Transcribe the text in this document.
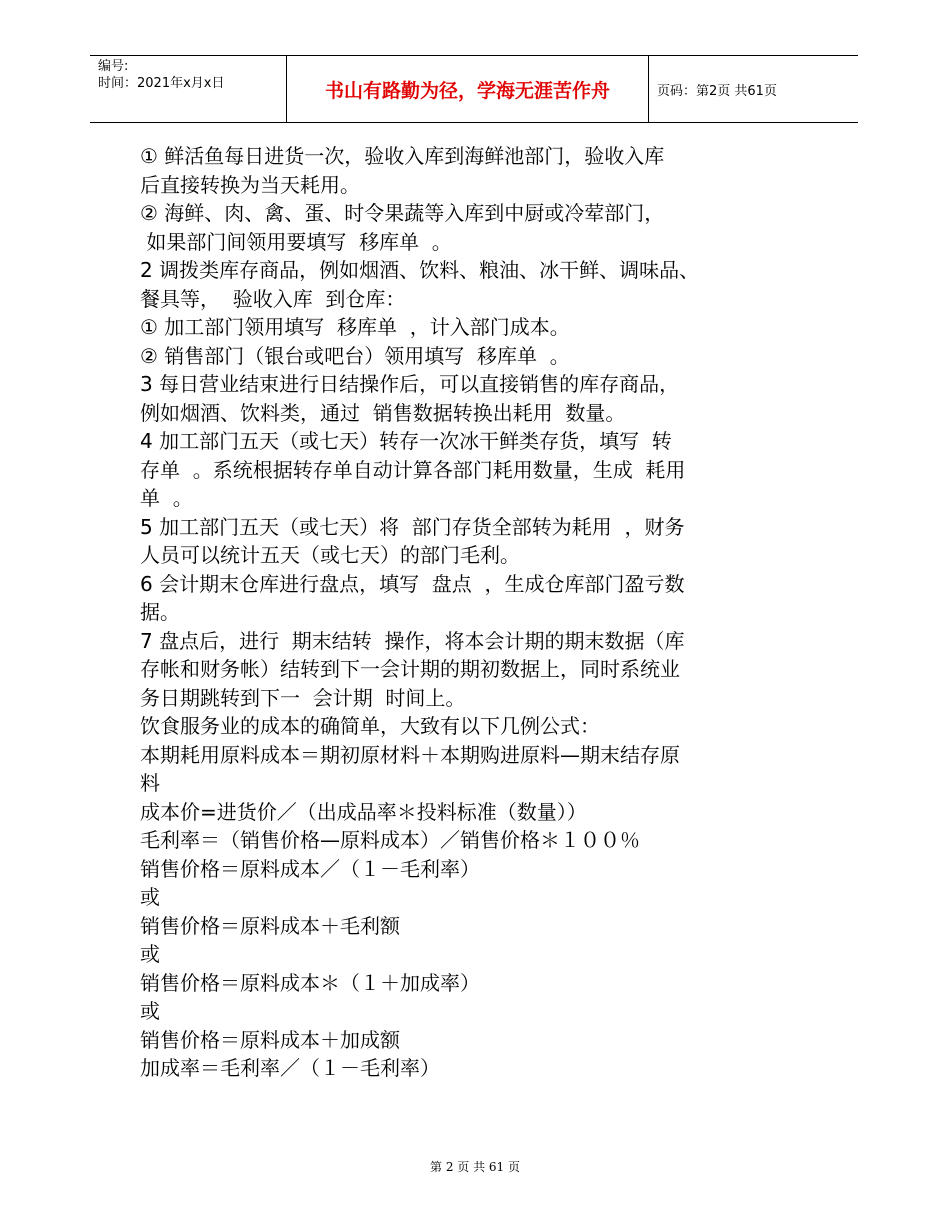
编号:
时间：2021年x月x日	书山有路勤为径，学海无涯苦作舟	页码：第2页 共61页
① 鲜活鱼每日进货一次，验收入库到海鲜池部门，验收入库
后直接转换为当天耗用。
② 海鲜、肉、禽、蛋、时令果蔬等入库到中厨或冷荤部门，
如果部门间领用要填写  移库单  。
2 调拨类库存商品，例如烟酒、饮料、粮油、冰干鲜、调味品、
餐具等，  验收入库  到仓库：
① 加工部门领用填写  移库单  ，计入部门成本。
② 销售部门（银台或吧台）领用填写  移库单  。
3 每日营业结束进行日结操作后，可以直接销售的库存商品，
例如烟酒、饮料类，通过  销售数据转换出耗用  数量。
4 加工部门五天（或七天）转存一次冰干鲜类存货，填写  转
存单  。系统根据转存单自动计算各部门耗用数量，生成  耗用
单  。
5 加工部门五天（或七天）将  部门存货全部转为耗用  ，财务
人员可以统计五天（或七天）的部门毛利。
6 会计期末仓库进行盘点，填写  盘点  ，生成仓库部门盈亏数
据。
7 盘点后，进行  期末结转  操作，将本会计期的期末数据（库
存帐和财务帐）结转到下一会计期的期初数据上，同时系统业
务日期跳转到下一  会计期  时间上。
饮食服务业的成本的确简单，大致有以下几例公式：
本期耗用原料成本＝期初原材料＋本期购进原料—期末结存原
料
成本价=进货价／（出成品率＊投料标准（数量））
毛利率＝（销售价格—原料成本）／销售价格＊１００％
销售价格＝原料成本／（１－毛利率）
或
销售价格＝原料成本＋毛利额
或
销售价格＝原料成本＊（１＋加成率）
或
销售价格＝原料成本＋加成额
加成率＝毛利率／（１－毛利率）
第 2 页 共 61 页
